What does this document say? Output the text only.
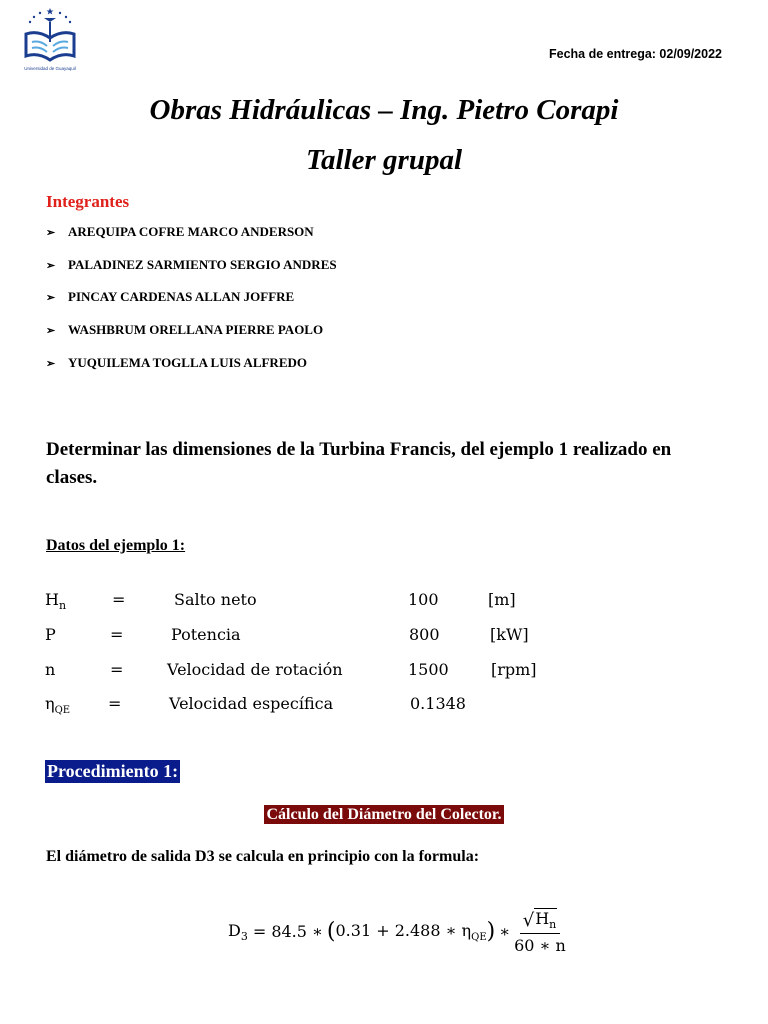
Universidad de Guayaquil
Fecha de entrega: 02/09/2022
Obras Hidráulicas – Ing. Pietro Corapi
Taller grupal
Integrantes
➢ AREQUIPA COFRE MARCO ANDERSON
➢ PALADINEZ SARMIENTO SERGIO ANDRES
➢ PINCAY CARDENAS ALLAN JOFFRE
➢ WASHBRUM ORELLANA PIERRE PAOLO
➢ YUQUILEMA TOGLLA LUIS ALFREDO
Determinar las dimensiones de la Turbina Francis, del ejemplo 1 realizado en clases.
Datos del ejemplo 1:
$H_n$	=	Salto neto	100	[m]
P	=	Potencia	800	[kW]
n	=	Velocidad de rotación	1500	[rpm]
$\eta_{QE}$ =	Velocidad específica	0.1348
Procedimiento 1:
Cálculo del Diámetro del Colector.
El diámetro de salida D3 se calcula en principio con la formula:
$D_3 = 84.5$ ∗ ( 0.31 + 2.488 ∗ $\eta_{QE}$ ) ∗ $\frac{√ H_n}{60 ∗ n}$
